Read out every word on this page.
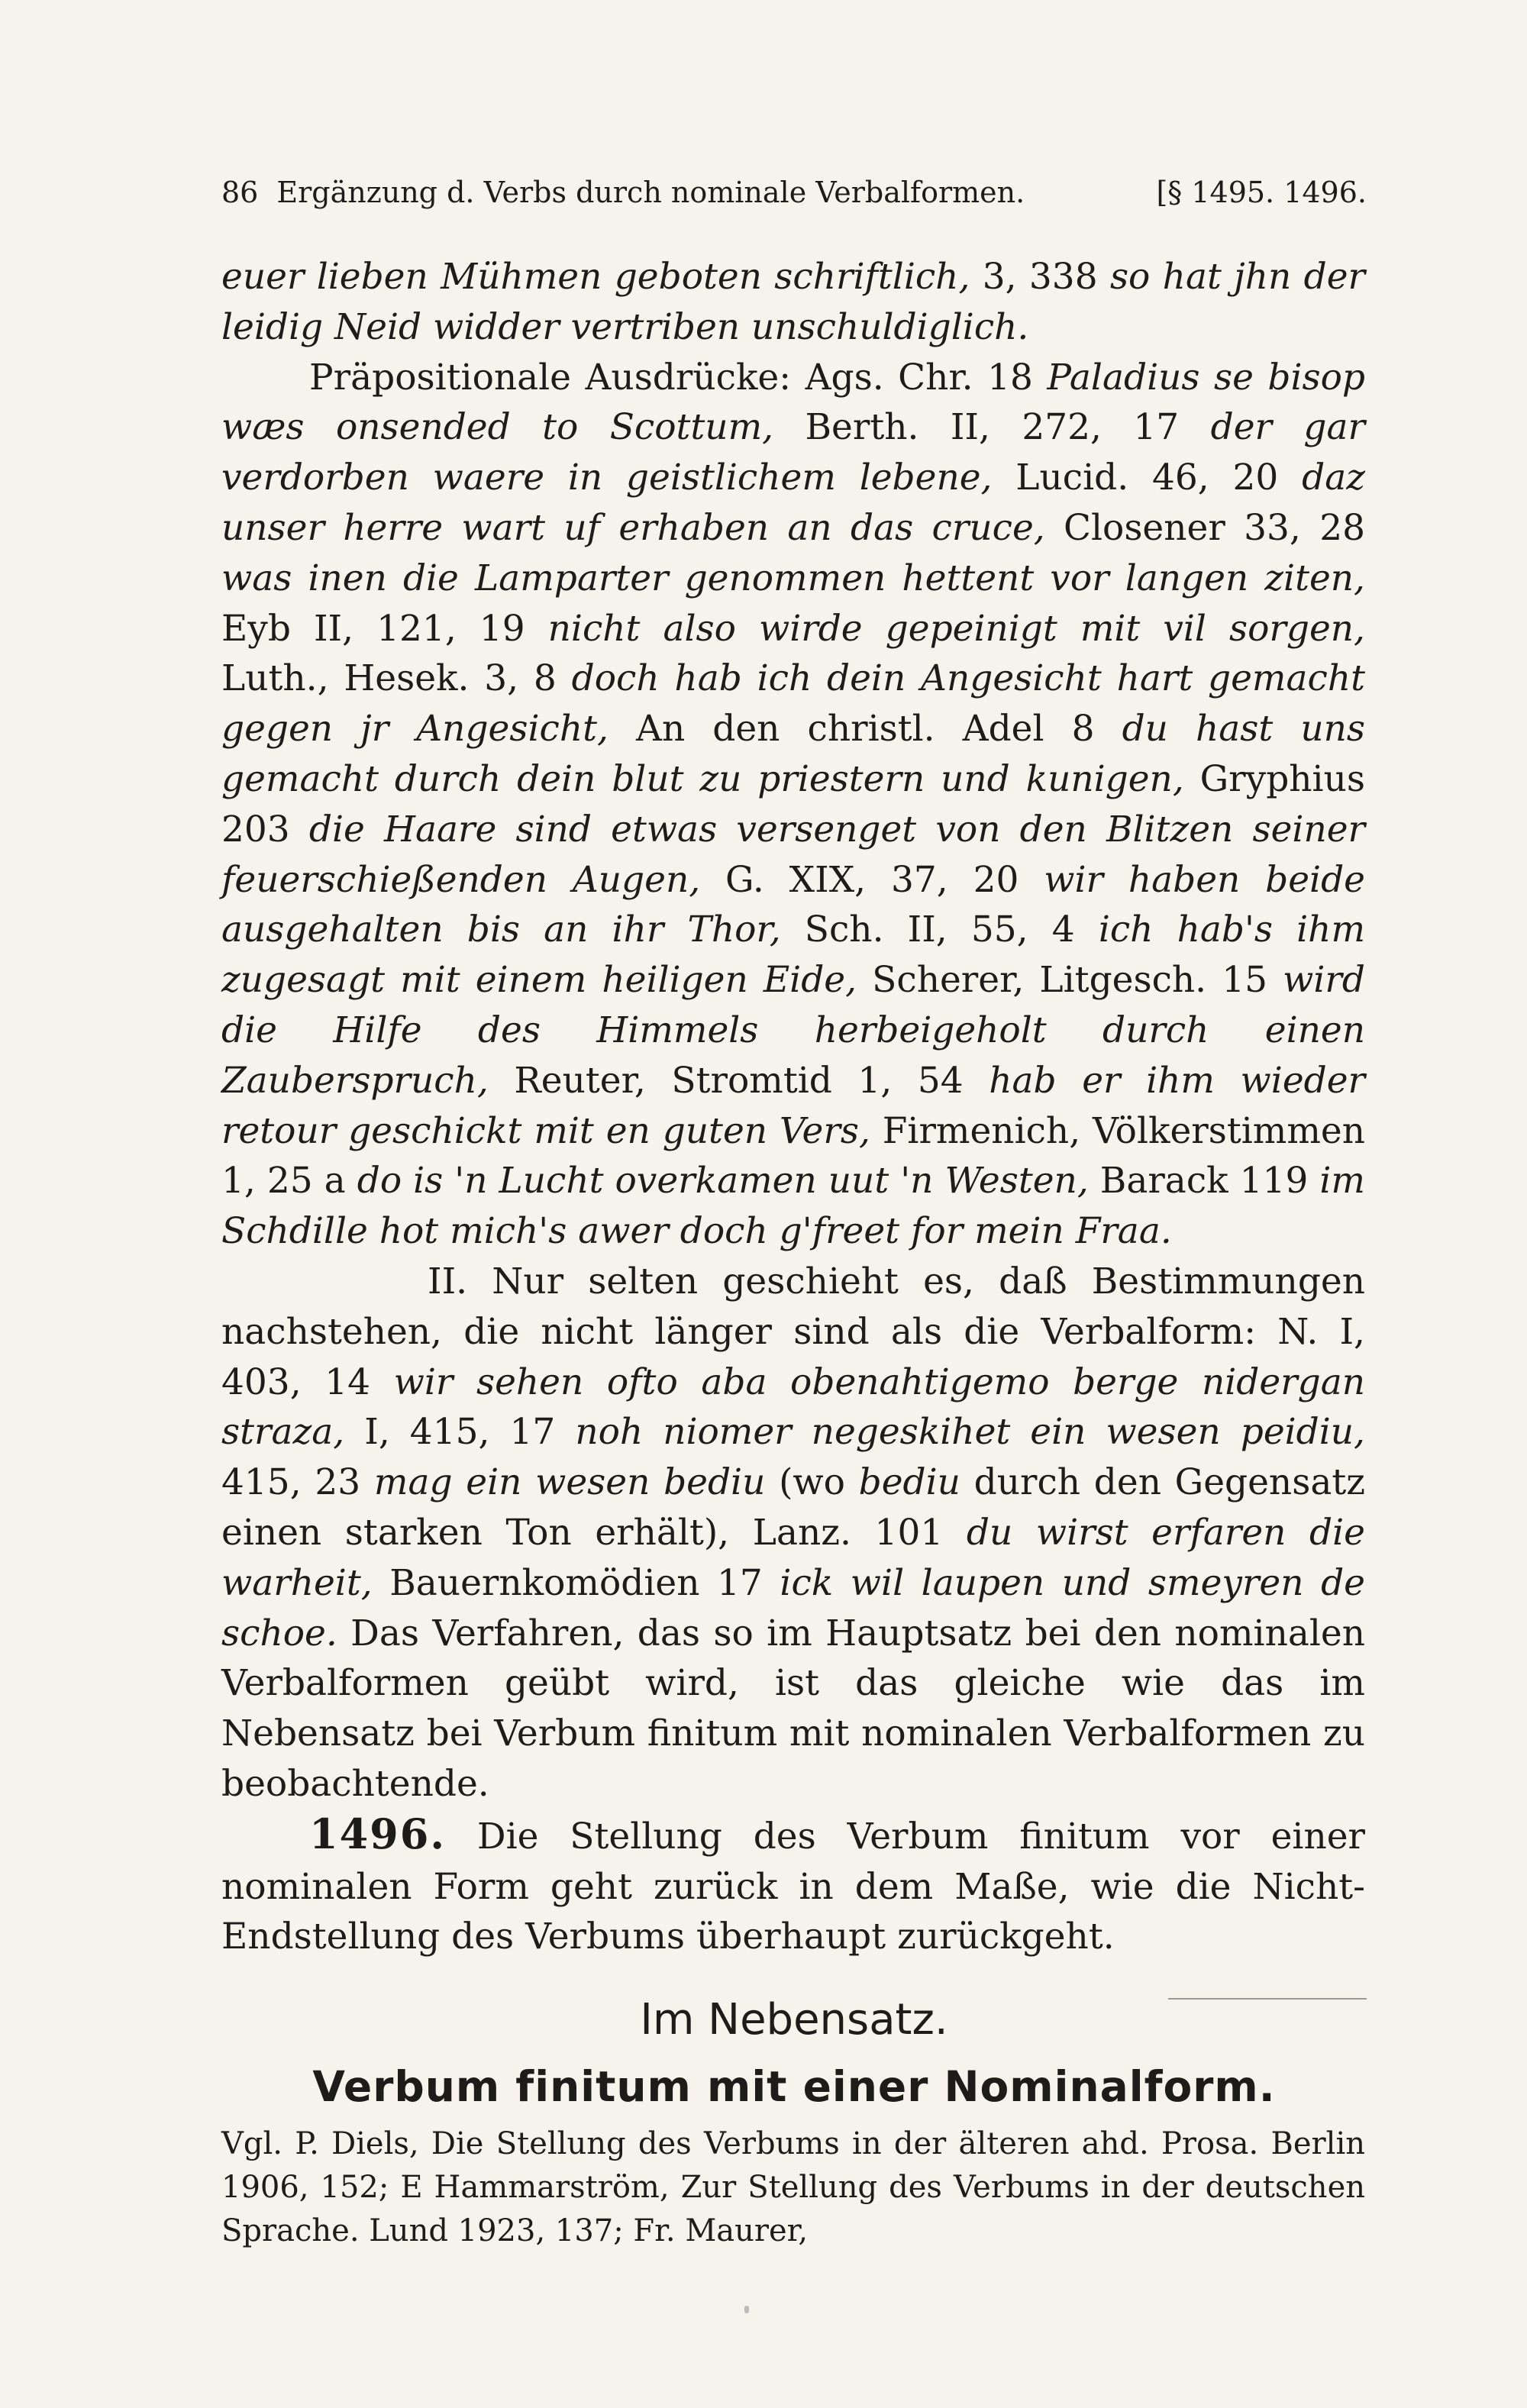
86 Ergänzung d. Verbs durch nominale Verbalformen.	[§ 1495. 1496.

euer lieben Mühmen geboten schriftlich, 3, 338 so hat jhn der leidig Neid widder vertriben unschuldiglich.

Präpositionale Ausdrücke: Ags. Chr. 18 Paladius se bisop wæs onsended to Scottum, Berth. II, 272, 17 der gar verdorben waere in geistlichem lebene, Lucid. 46, 20 daz unser herre wart uf erhaben an das cruce, Closener 33, 28 was inen die Lamparter genommen hettent vor langen ziten, Eyb II, 121, 19 nicht also wirde gepeinigt mit vil sorgen, Luth., Hesek. 3, 8 doch hab ich dein Angesicht hart gemacht gegen jr Angesicht, An den christl. Adel 8 du hast uns gemacht durch dein blut zu priestern und kunigen, Gryphius 203 die Haare sind etwas versenget von den Blitzen seiner feuerschießenden Augen, G. XIX, 37, 20 wir haben beide ausgehalten bis an ihr Thor, Sch. II, 55, 4 ich hab's ihm zugesagt mit einem heiligen Eide, Scherer, Litgesch. 15 wird die Hilfe des Himmels herbeigeholt durch einen Zauberspruch, Reuter, Stromtid 1, 54 hab er ihm wieder retour geschickt mit en guten Vers, Firmenich, Völkerstimmen 1, 25 a do is 'n Lucht overkamen uut 'n Westen, Barack 119 im Schdille hot mich's awer doch g'freet for mein Fraa.

II. Nur selten geschieht es, daß Bestimmungen nachstehen, die nicht länger sind als die Verbalform: N. I, 403, 14 wir sehen ofto aba obenahtigemo berge nidergan straza, I, 415, 17 noh niomer negeskihet ein wesen peidiu, 415, 23 mag ein wesen bediu (wo bediu durch den Gegensatz einen starken Ton erhält), Lanz. 101 du wirst erfaren die warheit, Bauernkomödien 17 ick wil laupen und smeyren de schoe. Das Verfahren, das so im Hauptsatz bei den nominalen Verbalformen geübt wird, ist das gleiche wie das im Nebensatz bei Verbum finitum mit nominalen Verbalformen zu beobachtende.

1496. Die Stellung des Verbum finitum vor einer nominalen Form geht zurück in dem Maße, wie die Nicht-Endstellung des Verbums überhaupt zurückgeht.

Im Nebensatz.
Verbum finitum mit einer Nominalform.

Vgl. P. Diels, Die Stellung des Verbums in der älteren ahd. Prosa. Berlin 1906, 152; E Hammarström, Zur Stellung des Verbums in der deutschen Sprache. Lund 1923, 137; Fr. Maurer,
